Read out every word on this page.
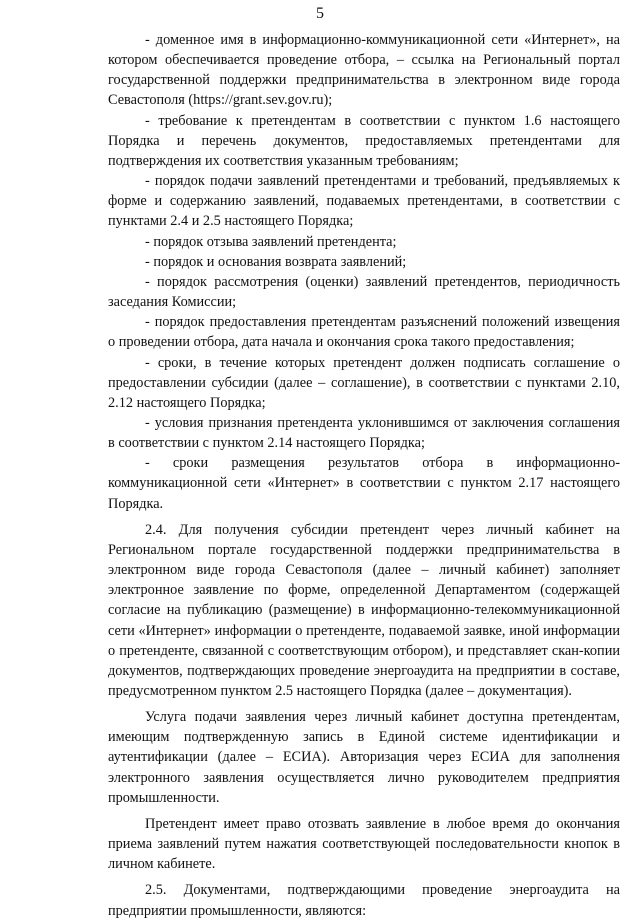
5

- доменное имя в информационно-коммуникационной сети «Интернет», на котором обеспечивается проведение отбора, – ссылка на Региональный портал государственной поддержки предпринимательства в электронном виде города Севастополя (https://grant.sev.gov.ru);

- требование к претендентам в соответствии с пунктом 1.6 настоящего Порядка и перечень документов, предоставляемых претендентами для подтверждения их соответствия указанным требованиям;

- порядок подачи заявлений претендентами и требований, предъявляемых к форме и содержанию заявлений, подаваемых претендентами, в соответствии с пунктами 2.4 и 2.5 настоящего Порядка;

- порядок отзыва заявлений претендента;

- порядок и основания возврата заявлений;

- порядок рассмотрения (оценки) заявлений претендентов, периодичность заседания Комиссии;

- порядок предоставления претендентам разъяснений положений извещения о проведении отбора, дата начала и окончания срока такого предоставления;

- сроки, в течение которых претендент должен подписать соглашение о предоставлении субсидии (далее – соглашение), в соответствии с пунктами 2.10, 2.12 настоящего Порядка;

- условия признания претендента уклонившимся от заключения соглашения в соответствии с пунктом 2.14 настоящего Порядка;

- сроки размещения результатов отбора в информационно-коммуникационной сети «Интернет» в соответствии с пунктом 2.17 настоящего Порядка.

2.4. Для получения субсидии претендент через личный кабинет на Региональном портале государственной поддержки предпринимательства в электронном виде города Севастополя (далее – личный кабинет) заполняет электронное заявление по форме, определенной Департаментом (содержащей согласие на публикацию (размещение) в информационно-телекоммуникационной сети «Интернет» информации о претенденте, подаваемой заявке, иной информации о претенденте, связанной с соответствующим отбором), и представляет скан-копии документов, подтверждающих проведение энергоаудита на предприятии в составе, предусмотренном пунктом 2.5 настоящего Порядка (далее – документация).

Услуга подачи заявления через личный кабинет доступна претендентам, имеющим подтвержденную запись в Единой системе идентификации и аутентификации (далее – ЕСИА). Авторизация через ЕСИА для заполнения электронного заявления осуществляется лично руководителем предприятия промышленности.

Претендент имеет право отозвать заявление в любое время до окончания приема заявлений путем нажатия соответствующей последовательности кнопок в личном кабинете.

2.5. Документами, подтверждающими проведение энергоаудита на предприятии промышленности, являются:
